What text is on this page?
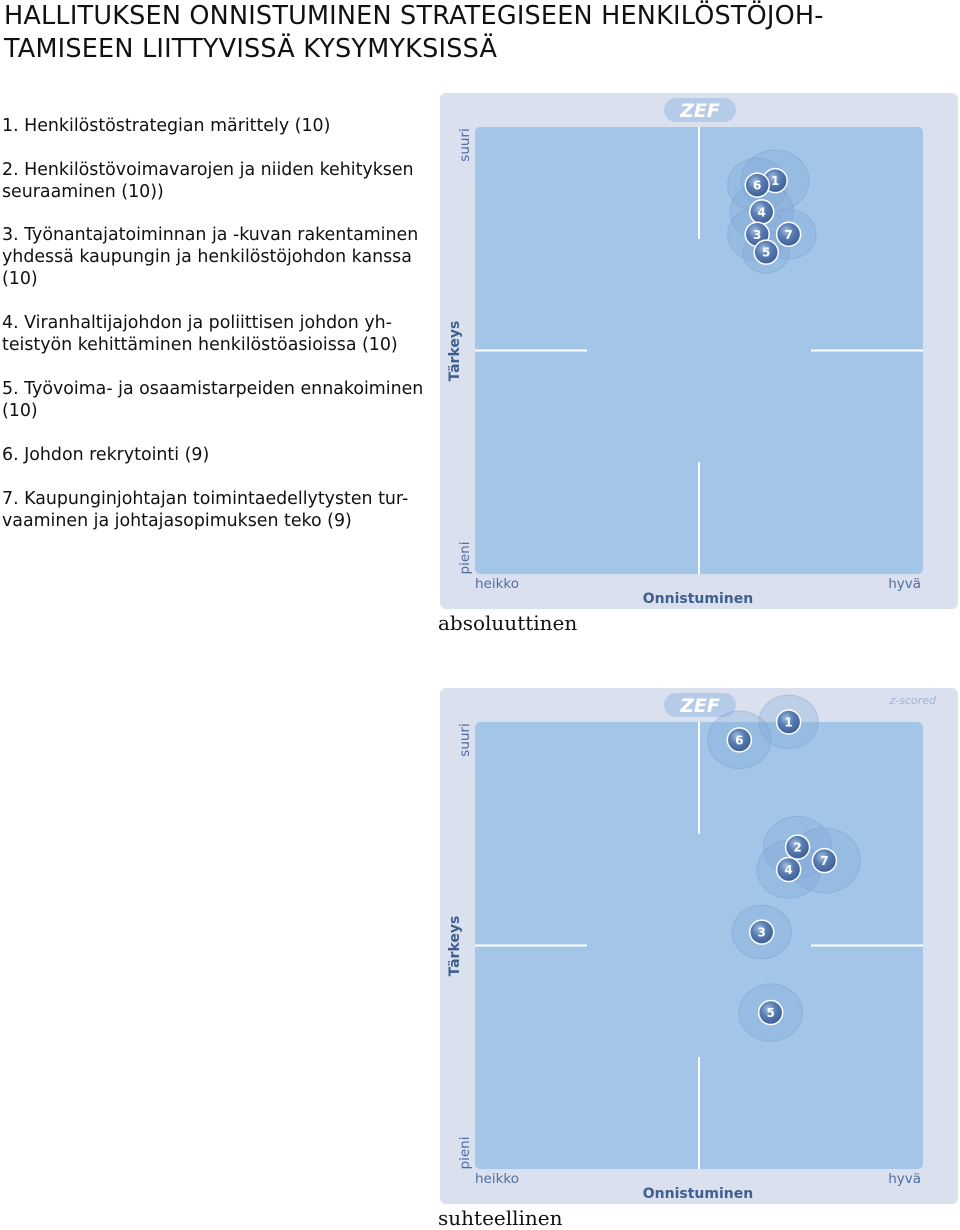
HALLITUKSEN ONNISTUMINEN STRATEGISEEN HENKILÖSTÖJOH-
TAMISEEN LIITTYVISSÄ KYSYMYKSISSÄ
1. Henkilöstöstrategian märittely (10)
2. Henkilöstövoimavarojen ja niiden kehityksen
seuraaminen (10))
3. Työnantajatoiminnan ja -kuvan rakentaminen
yhdessä kaupungin ja henkilöstöjohdon kanssa
(10)
4. Viranhaltijajohdon ja poliittisen johdon yh-
teistyön kehittäminen henkilöstöasioissa (10)
5. Työvoima- ja osaamistarpeiden ennakoiminen
(10)
6. Johdon rekrytointi (9)
7. Kaupunginjohtajan toimintaedellytysten tur-
vaaminen ja johtajasopimuksen teko (9)
ZEF
heikko	hyvä
Onnistuminen
suuri
pieni
Tärkeys
1
6
4
3 7
5
absoluuttinen
ZEF	z-scored
heikko	hyvä
Onnistuminen
suuri
pieni
Tärkeys
1
6
2
7
4
3
5
suhteellinen
